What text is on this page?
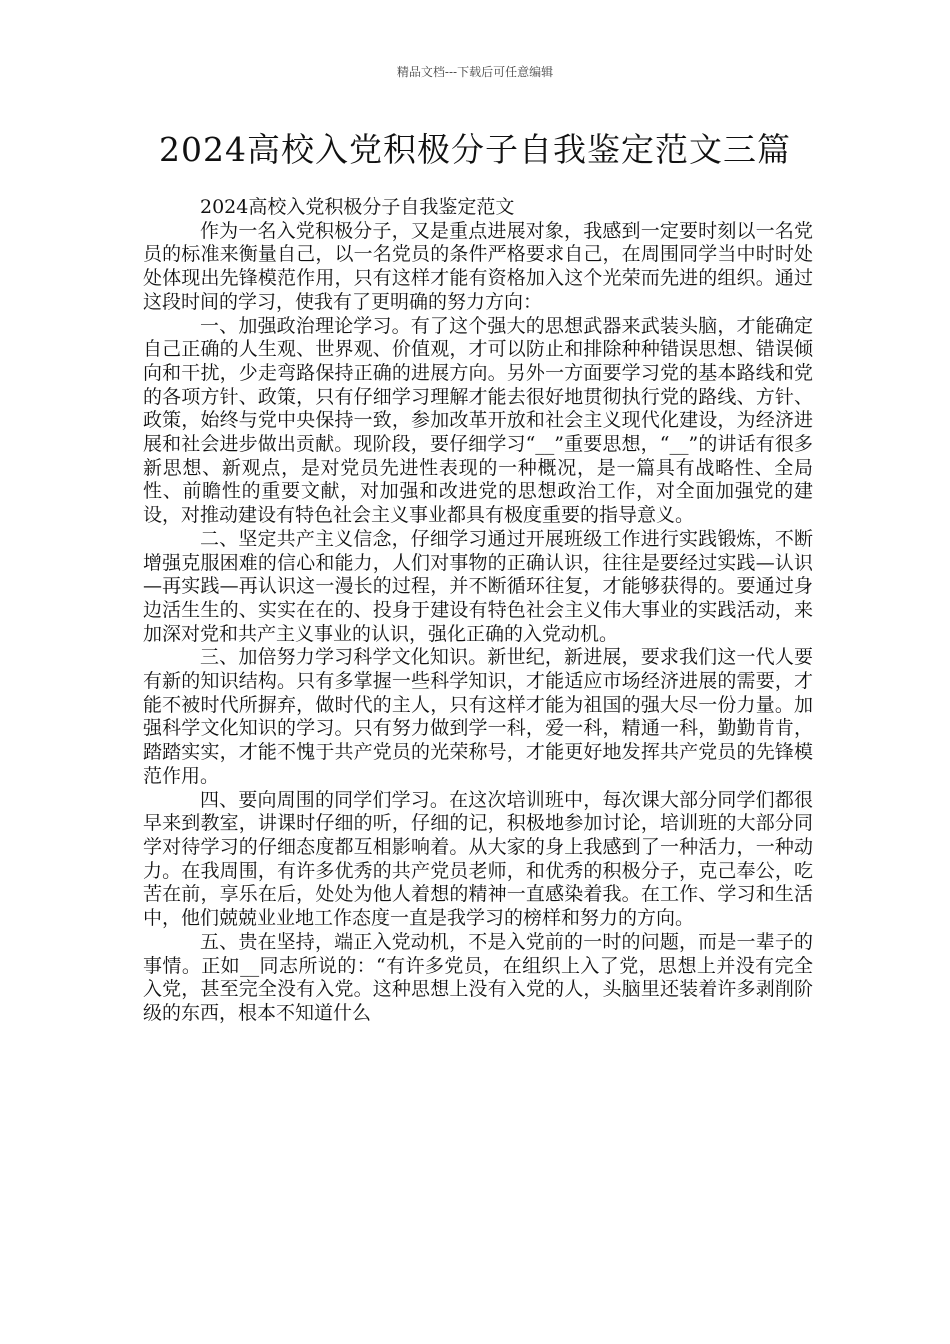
精品文档---下载后可任意编辑
2024高校入党积极分子自我鉴定范文三篇

2024高校入党积极分子自我鉴定范文

作为一名入党积极分子，又是重点进展对象，我感到一定要时刻以一名党员的标准来衡量自己，以一名党员的条件严格要求自己，在周围同学当中时时处处体现出先锋模范作用，只有这样才能有资格加入这个光荣而先进的组织。通过这段时间的学习，使我有了更明确的努力方向：

一、加强政治理论学习。有了这个强大的思想武器来武装头脑，才能确定自己正确的人生观、世界观、价值观，才可以防止和排除种种错误思想、错误倾向和干扰，少走弯路保持正确的进展方向。另外一方面要学习党的基本路线和党的各项方针、政策，只有仔细学习理解才能去很好地贯彻执行党的路线、方针、政策，始终与党中央保持一致，参加改革开放和社会主义现代化建设，为经济进展和社会进步做出贡献。现阶段，要仔细学习“__”重要思想，“__”的讲话有很多新思想、新观点，是对党员先进性表现的一种概况，是一篇具有战略性、全局性、前瞻性的重要文献，对加强和改进党的思想政治工作，对全面加强党的建设，对推动建设有特色社会主义事业都具有极度重要的指导意义。

二、坚定共产主义信念，仔细学习通过开展班级工作进行实践锻炼，不断增强克服困难的信心和能力，人们对事物的正确认识，往往是要经过实践—认识—再实践—再认识这一漫长的过程，并不断循环往复，才能够获得的。要通过身边活生生的、实实在在的、投身于建设有特色社会主义伟大事业的实践活动，来加深对党和共产主义事业的认识，强化正确的入党动机。

三、加倍努力学习科学文化知识。新世纪，新进展，要求我们这一代人要有新的知识结构。只有多掌握一些科学知识，才能适应市场经济进展的需要，才能不被时代所摒弃，做时代的主人，只有这样才能为祖国的强大尽一份力量。加强科学文化知识的学习。只有努力做到学一科，爱一科，精通一科，勤勤肯肯，踏踏实实，才能不愧于共产党员的光荣称号，才能更好地发挥共产党员的先锋模范作用。

四、要向周围的同学们学习。在这次培训班中，每次课大部分同学们都很早来到教室，讲课时仔细的听，仔细的记，积极地参加讨论，培训班的大部分同学对待学习的仔细态度都互相影响着。从大家的身上我感到了一种活力，一种动力。在我周围，有许多优秀的共产党员老师，和优秀的积极分子，克己奉公，吃苦在前，享乐在后，处处为他人着想的精神一直感染着我。在工作、学习和生活中，他们兢兢业业地工作态度一直是我学习的榜样和努力的方向。

五、贵在坚持，端正入党动机，不是入党前的一时的问题，而是一辈子的事情。正如__同志所说的：“有许多党员，在组织上入了党，思想上并没有完全入党，甚至完全没有入党。这种思想上没有入党的人，头脑里还装着许多剥削阶级的东西，根本不知道什么
